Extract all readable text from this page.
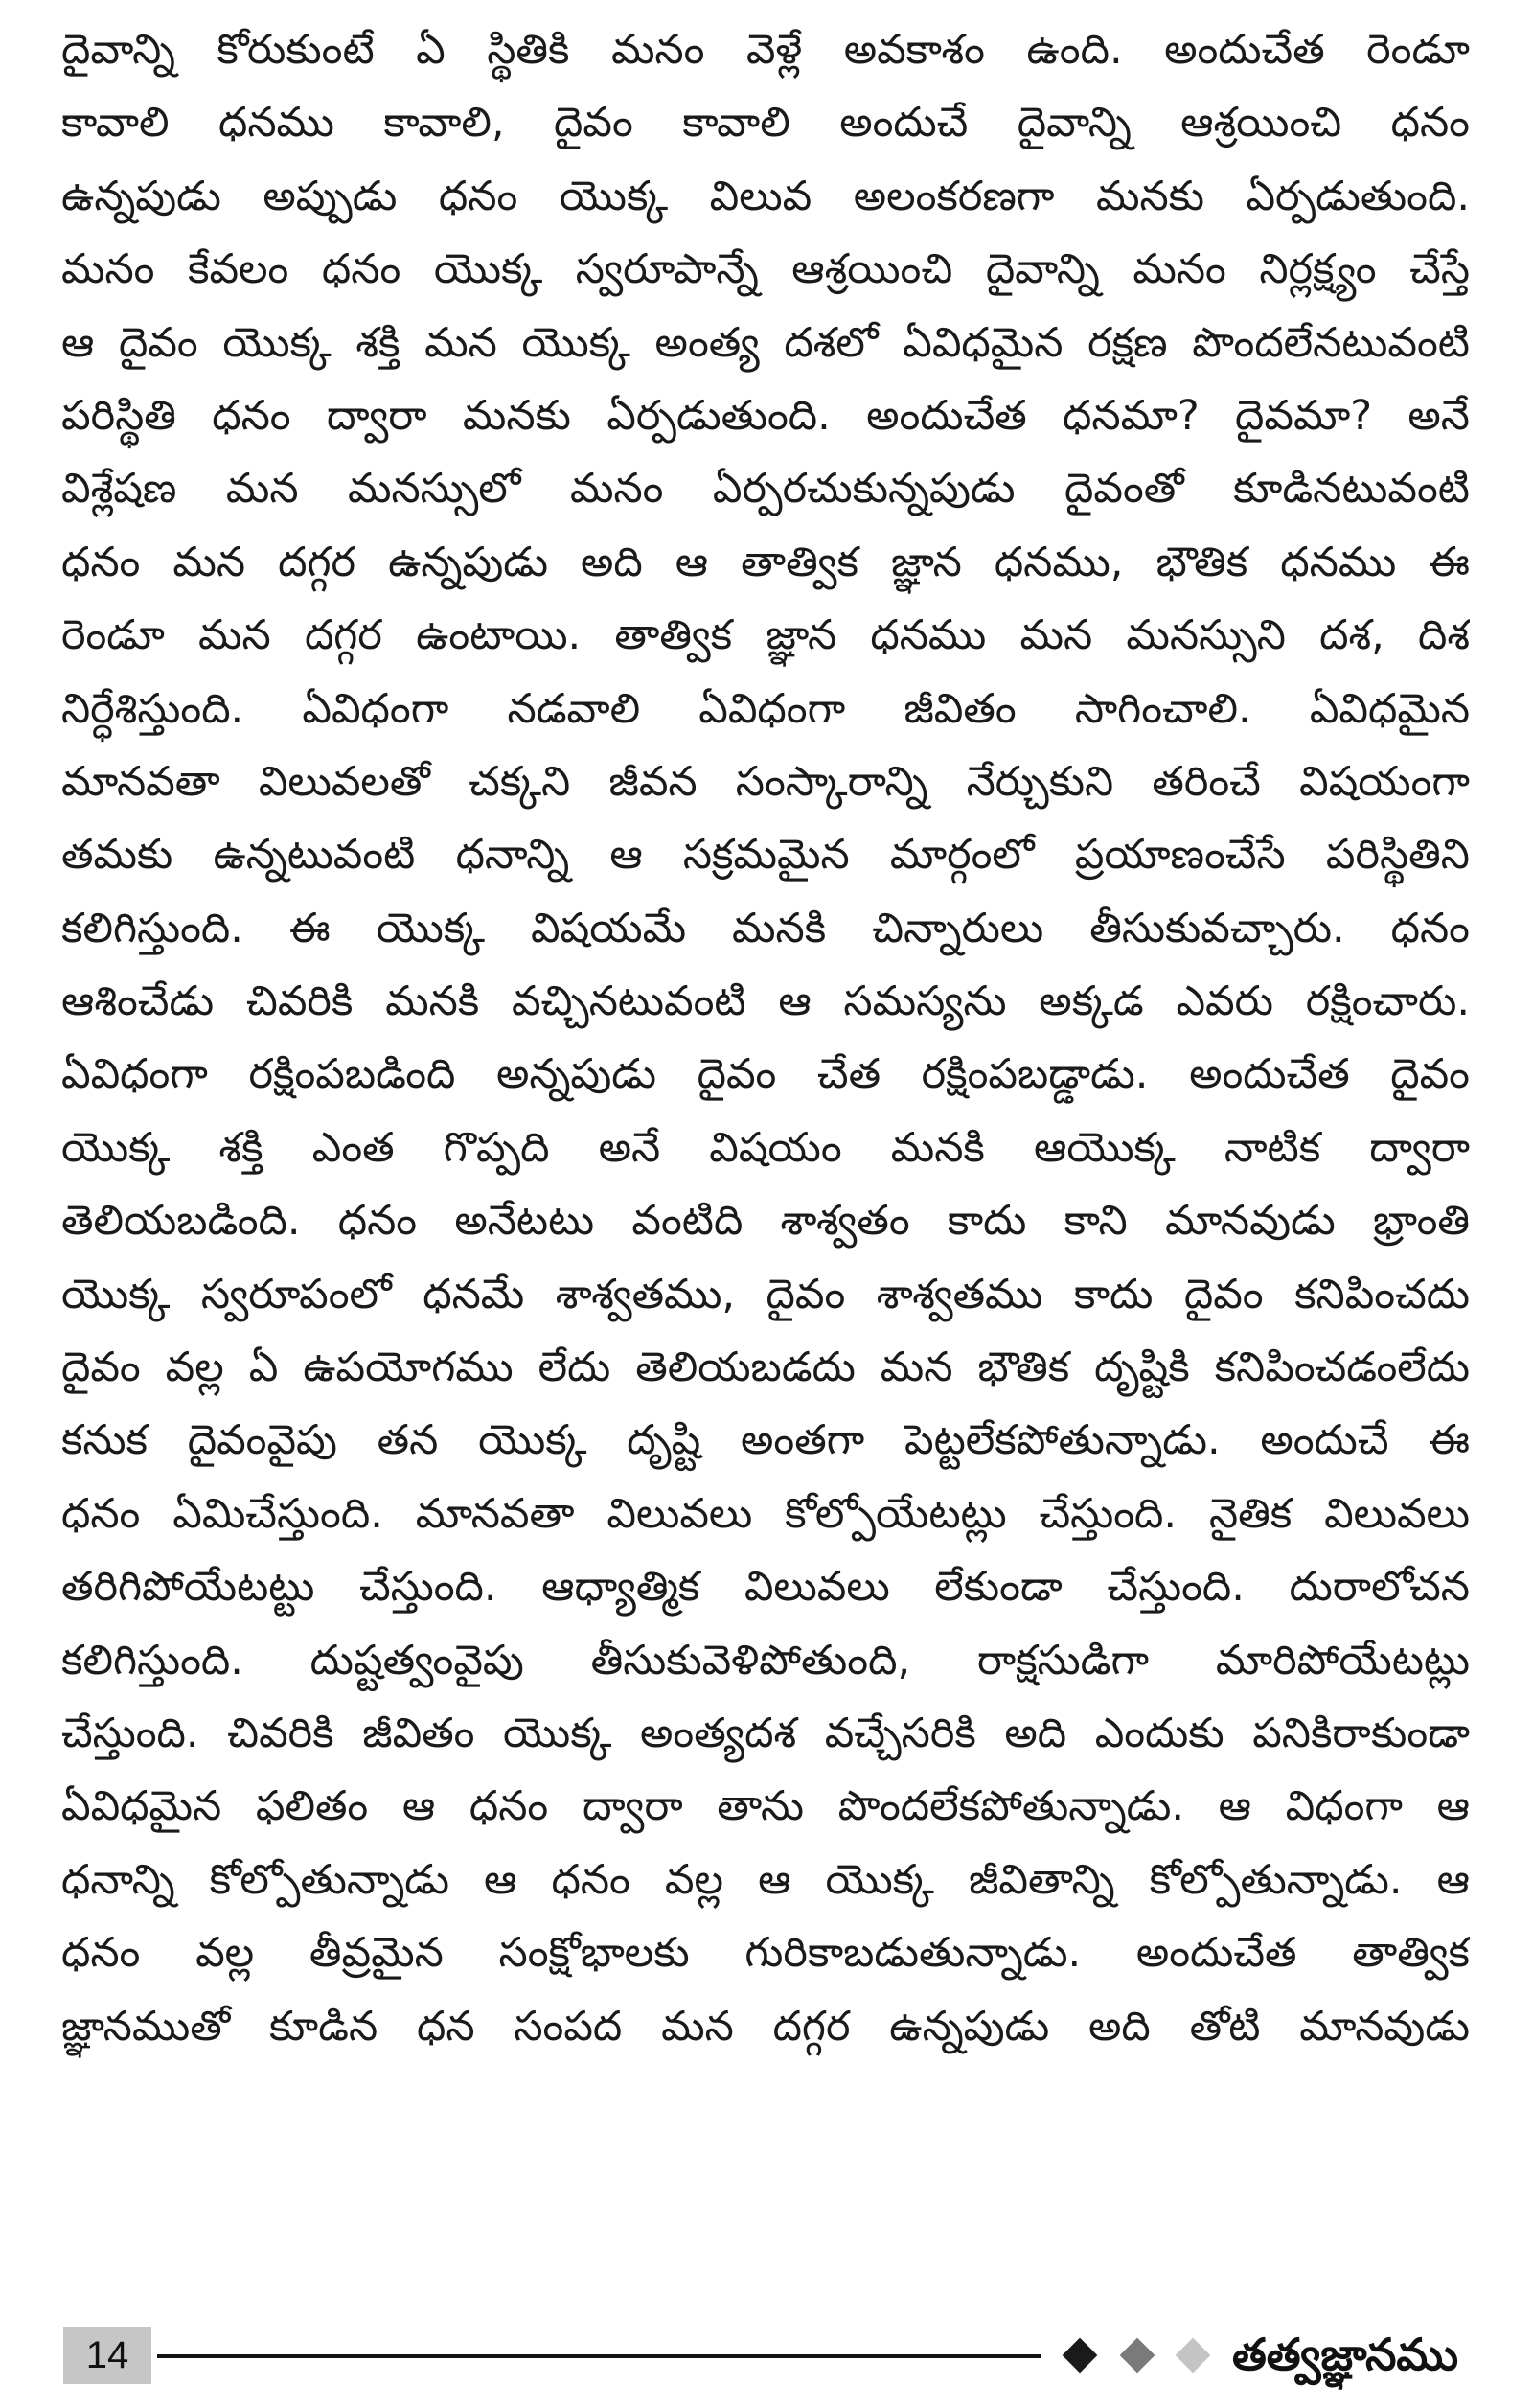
దైవాన్ని కోరుకుంటే ఏ స్థితికి మనం వెళ్లే అవకాశం ఉంది. అందుచేత రెండూ
కావాలి ధనము కావాలి, దైవం కావాలి అందుచే దైవాన్ని ఆశ్రయించి ధనం
ఉన్నపుడు అప్పుడు ధనం యొక్క విలువ అలంకరణగా మనకు ఏర్పడుతుంది.
మనం కేవలం ధనం యొక్క స్వరూపాన్నే ఆశ్రయించి దైవాన్ని మనం నిర్లక్ష్యం చేస్తే
ఆ దైవం యొక్క శక్తి మన యొక్క అంత్య దశలో ఏవిధమైన రక్షణ పొందలేనటువంటి
పరిస్థితి ధనం ద్వారా మనకు ఏర్పడుతుంది. అందుచేత ధనమా? దైవమా? అనే
విశ్లేషణ మన మనస్సులో మనం ఏర్పరచుకున్నపుడు దైవంతో కూడినటువంటి
ధనం మన దగ్గర ఉన్నపుడు అది ఆ తాత్విక జ్ఞాన ధనము, భౌతిక ధనము ఈ
రెండూ మన దగ్గర ఉంటాయి. తాత్విక జ్ఞాన ధనము మన మనస్సుని దశ, దిశ
నిర్ధేశిస్తుంది. ఏవిధంగా నడవాలి ఏవిధంగా జీవితం సాగించాలి. ఏవిధమైన
మానవతా విలువలతో చక్కని జీవన సంస్కారాన్ని నేర్చుకుని తరించే విషయంగా
తమకు ఉన్నటువంటి ధనాన్ని ఆ సక్రమమైన మార్గంలో ప్రయాణంచేసే పరిస్థితిని
కలిగిస్తుంది. ఈ యొక్క విషయమే మనకి చిన్నారులు తీసుకువచ్చారు. ధనం
ఆశించేడు చివరికి మనకి వచ్చినటువంటి ఆ సమస్యను అక్కడ ఎవరు రక్షించారు.
ఏవిధంగా రక్షింపబడింది అన్నపుడు దైవం చేత రక్షింపబడ్డాడు. అందుచేత దైవం
యొక్క శక్తి ఎంత గొప్పది అనే విషయం మనకి ఆయొక్క నాటిక ద్వారా
తెలియబడింది. ధనం అనేటటు వంటిది శాశ్వతం కాదు కాని మానవుడు భ్రాంతి
యొక్క స్వరూపంలో ధనమే శాశ్వతము, దైవం శాశ్వతము కాదు దైవం కనిపించదు
దైవం వల్ల ఏ ఉపయోగము లేదు తెలియబడదు మన భౌతిక దృష్టికి కనిపించడంలేదు
కనుక దైవంవైపు తన యొక్క దృష్టి అంతగా పెట్టలేకపోతున్నాడు. అందుచే ఈ
ధనం ఏమిచేస్తుంది. మానవతా విలువలు కోల్పోయేటట్లు చేస్తుంది. నైతిక విలువలు
తరిగిపోయేటట్టు చేస్తుంది. ఆధ్యాత్మిక విలువలు లేకుండా చేస్తుంది. దురాలోచన
కలిగిస్తుంది. దుష్టత్వంవైపు తీసుకువెళిపోతుంది, రాక్షసుడిగా మారిపోయేటట్లు
చేస్తుంది. చివరికి జీవితం యొక్క అంత్యదశ వచ్చేసరికి అది ఎందుకు పనికిరాకుండా
ఏవిధమైన ఫలితం ఆ ధనం ద్వారా తాను పొందలేకపోతున్నాడు. ఆ విధంగా ఆ
ధనాన్ని కోల్పోతున్నాడు ఆ ధనం వల్ల ఆ యొక్క జీవితాన్ని కోల్పోతున్నాడు. ఆ
ధనం వల్ల తీవ్రమైన సంక్షోభాలకు గురికాబడుతున్నాడు. అందుచేత తాత్విక
జ్ఞానముతో కూడిన ధన సంపద మన దగ్గర ఉన్నపుడు అది తోటి మానవుడు
14	తత్వజ్ఞానము
